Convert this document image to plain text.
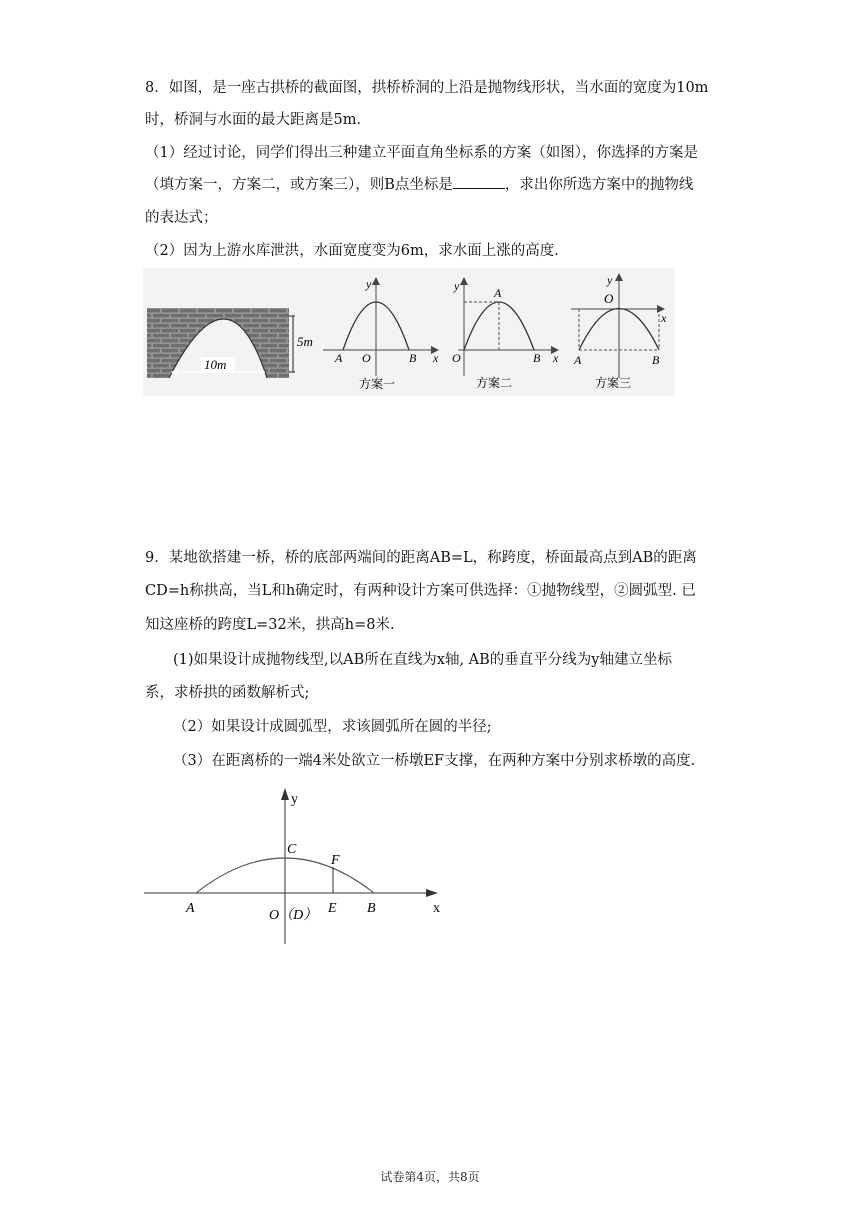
8．如图，是一座古拱桥的截面图，拱桥桥洞的上沿是抛物线形状，当水面的宽度为10m
时，桥洞与水面的最大距离是5m．
（1）经过讨论，同学们得出三种建立平面直角坐标系的方案（如图），你选择的方案是
（填方案一，方案二，或方案三），则B点坐标是	，求出你所选方案中的抛物线
的表达式；
（2）因为上游水库泄洪，水面宽度变为6m，求水面上涨的高度．
5m
10m
y
x
A O	B
方案一
y
x
A
O	B
方案二
y
x
O
A	B
方案三
9．某地欲搭建一桥，桥的底部两端间的距离AB=L，称跨度，桥面最高点到AB的距离
CD=h称拱高，当L和h确定时，有两种设计方案可供选择：①抛物线型，②圆弧型. 已
知这座桥的跨度L=32米，拱高h=8米.
(1)如果设计成抛物线型,以AB所在直线为x轴, AB的垂直平分线为y轴建立坐标
系，求桥拱的函数解析式;
（2）如果设计成圆弧型，求该圆弧所在圆的半径;
（3）在距离桥的一端4米处欲立一桥墩EF支撑，在两种方案中分别求桥墩的高度.
y
x
C
F
A	O（D） E B
试卷第4页，共8页
